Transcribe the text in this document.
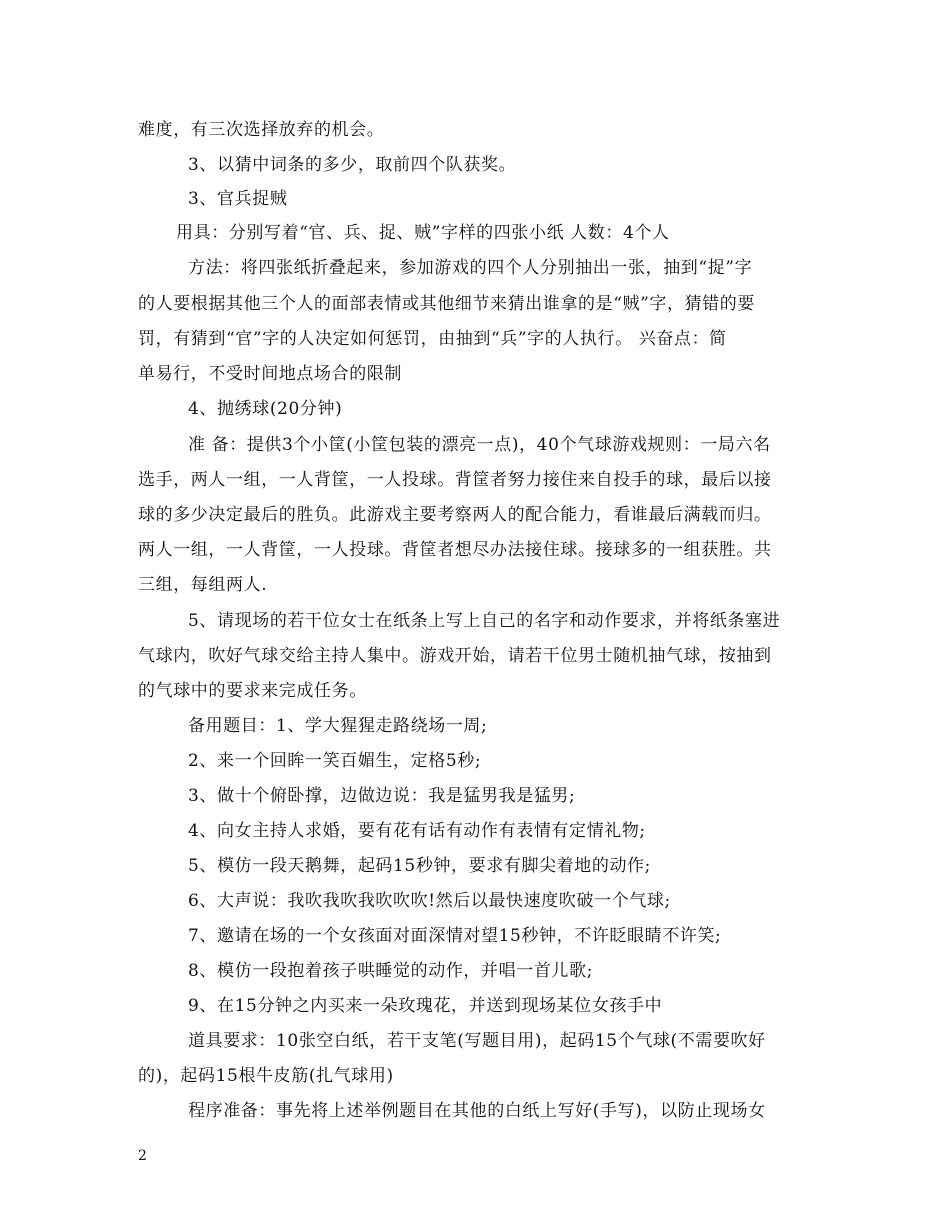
难度，有三次选择放弃的机会。
3、以猜中词条的多少，取前四个队获奖。
3、官兵捉贼
用具：分别写着“官、兵、捉、贼”字样的四张小纸 人数：4个人
方法：将四张纸折叠起来，参加游戏的四个人分别抽出一张，抽到“捉”字
的人要根据其他三个人的面部表情或其他细节来猜出谁拿的是“贼”字，猜错的要
罚，有猜到“官”字的人决定如何惩罚，由抽到“兵”字的人执行。 兴奋点：简
单易行，不受时间地点场合的限制
4、抛绣球(20分钟)
准 备：提供3个小筐(小筐包装的漂亮一点)，40个气球游戏规则：一局六名
选手，两人一组，一人背筐，一人投球。背筐者努力接住来自投手的球，最后以接
球的多少决定最后的胜负。此游戏主要考察两人的配合能力，看谁最后满载而归。
两人一组，一人背筐，一人投球。背筐者想尽办法接住球。接球多的一组获胜。共
三组，每组两人.
5、请现场的若干位女士在纸条上写上自己的名字和动作要求，并将纸条塞进
气球内，吹好气球交给主持人集中。游戏开始，请若干位男士随机抽气球，按抽到
的气球中的要求来完成任务。
备用题目：1、学大猩猩走路绕场一周;
2、来一个回眸一笑百媚生，定格5秒;
3、做十个俯卧撑，边做边说：我是猛男我是猛男;
4、向女主持人求婚，要有花有话有动作有表情有定情礼物;
5、模仿一段天鹅舞，起码15秒钟，要求有脚尖着地的动作;
6、大声说：我吹我吹我吹吹吹!然后以最快速度吹破一个气球;
7、邀请在场的一个女孩面对面深情对望15秒钟，不许眨眼睛不许笑;
8、模仿一段抱着孩子哄睡觉的动作，并唱一首儿歌;
9、在15分钟之内买来一朵玫瑰花，并送到现场某位女孩手中
道具要求：10张空白纸，若干支笔(写题目用)，起码15个气球(不需要吹好
的)，起码15根牛皮筋(扎气球用)
程序准备：事先将上述举例题目在其他的白纸上写好(手写)，以防止现场女
2
